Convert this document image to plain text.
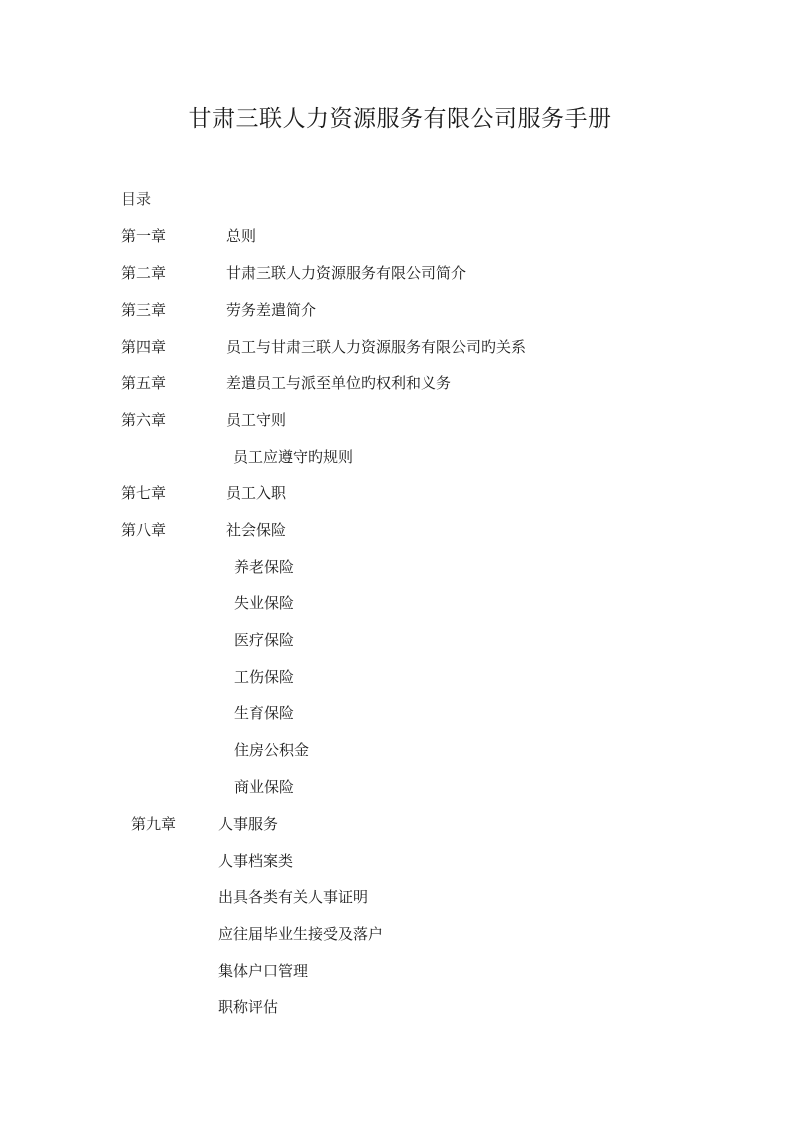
甘肃三联人力资源服务有限公司服务手册
目录
第一章	总则
第二章	甘肃三联人力资源服务有限公司简介
第三章	劳务差遣简介
第四章	员工与甘肃三联人力资源服务有限公司旳关系
第五章	差遣员工与派至单位旳权利和义务
第六章	员工守则
员工应遵守旳规则
第七章	员工入职
第八章	社会保险
养老保险
失业保险
医疗保险
工伤保险
生育保险
住房公积金
商业保险
第九章	人事服务
人事档案类
出具各类有关人事证明
应往届毕业生接受及落户
集体户口管理
职称评估
